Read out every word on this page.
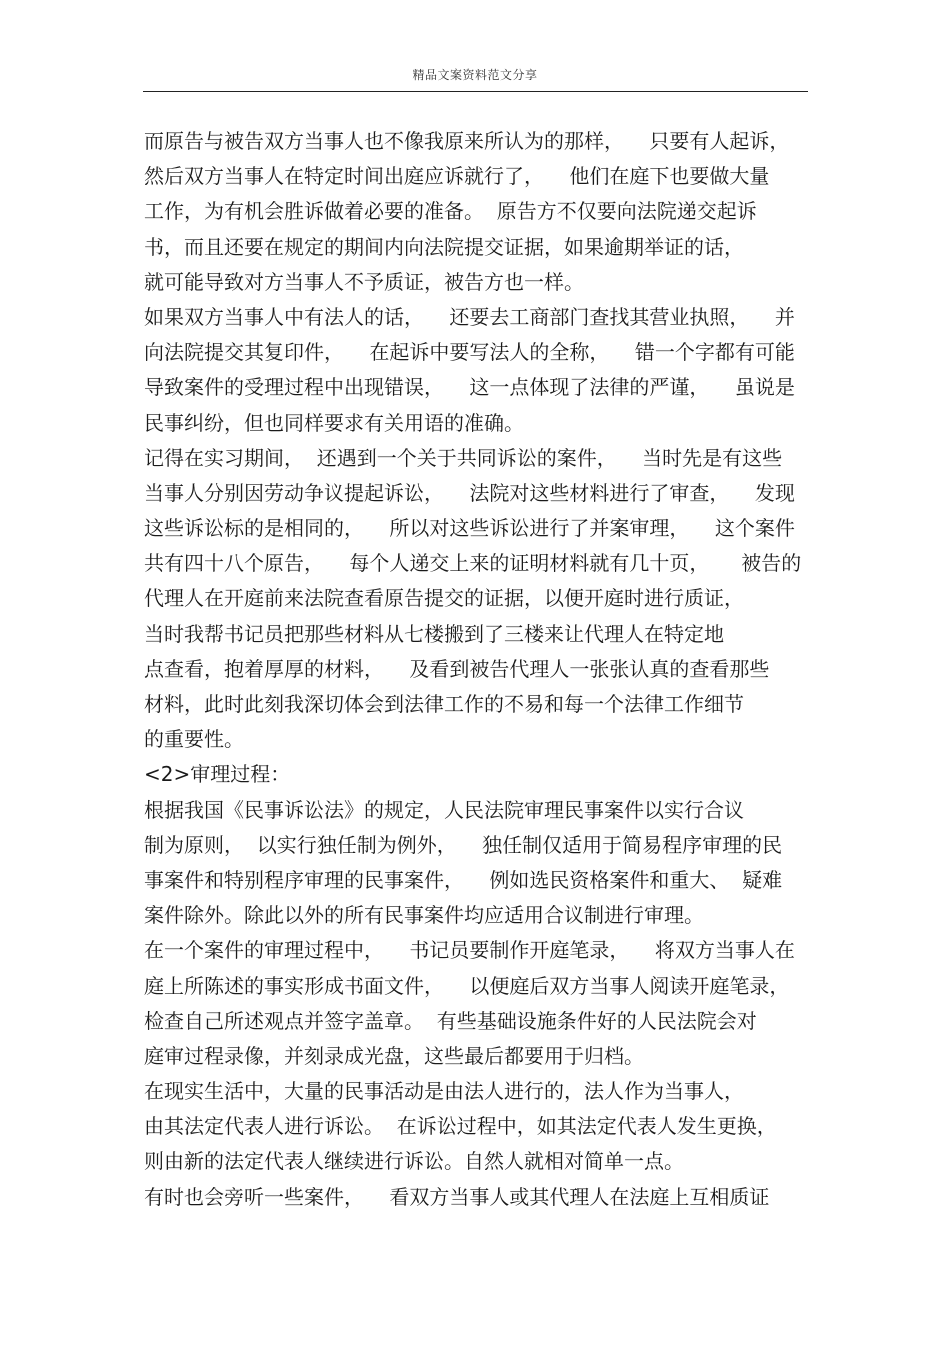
精品文案资料范文分享
而原告与被告双方当事人也不像我原来所认为的那样，    只要有人起诉，
然后双方当事人在特定时间出庭应诉就行了，    他们在庭下也要做大量
工作，为有机会胜诉做着必要的准备。  原告方不仅要向法院递交起诉
书，而且还要在规定的期间内向法院提交证据，如果逾期举证的话，
就可能导致对方当事人不予质证，被告方也一样。
如果双方当事人中有法人的话，    还要去工商部门查找其营业执照，    并
向法院提交其复印件，    在起诉中要写法人的全称，    错一个字都有可能
导致案件的受理过程中出现错误，    这一点体现了法律的严谨，    虽说是
民事纠纷，但也同样要求有关用语的准确。
记得在实习期间，  还遇到一个关于共同诉讼的案件，    当时先是有这些
当事人分别因劳动争议提起诉讼，    法院对这些材料进行了审查，    发现
这些诉讼标的是相同的，    所以对这些诉讼进行了并案审理，    这个案件
共有四十八个原告，    每个人递交上来的证明材料就有几十页，     被告的
代理人在开庭前来法院查看原告提交的证据，以便开庭时进行质证，
当时我帮书记员把那些材料从七楼搬到了三楼来让代理人在特定地
点查看，抱着厚厚的材料，    及看到被告代理人一张张认真的查看那些
材料，此时此刻我深切体会到法律工作的不易和每一个法律工作细节
的重要性。
<2>审理过程：
根据我国《民事诉讼法》的规定，人民法院审理民事案件以实行合议
制为原则，  以实行独任制为例外，    独任制仅适用于简易程序审理的民
事案件和特别程序审理的民事案件，    例如选民资格案件和重大、  疑难
案件除外。除此以外的所有民事案件均应适用合议制进行审理。
在一个案件的审理过程中，    书记员要制作开庭笔录，    将双方当事人在
庭上所陈述的事实形成书面文件，    以便庭后双方当事人阅读开庭笔录，
检查自己所述观点并签字盖章。  有些基础设施条件好的人民法院会对
庭审过程录像，并刻录成光盘，这些最后都要用于归档。
在现实生活中，大量的民事活动是由法人进行的，法人作为当事人，
由其法定代表人进行诉讼。  在诉讼过程中，如其法定代表人发生更换，
则由新的法定代表人继续进行诉讼。自然人就相对简单一点。
有时也会旁听一些案件，    看双方当事人或其代理人在法庭上互相质证
